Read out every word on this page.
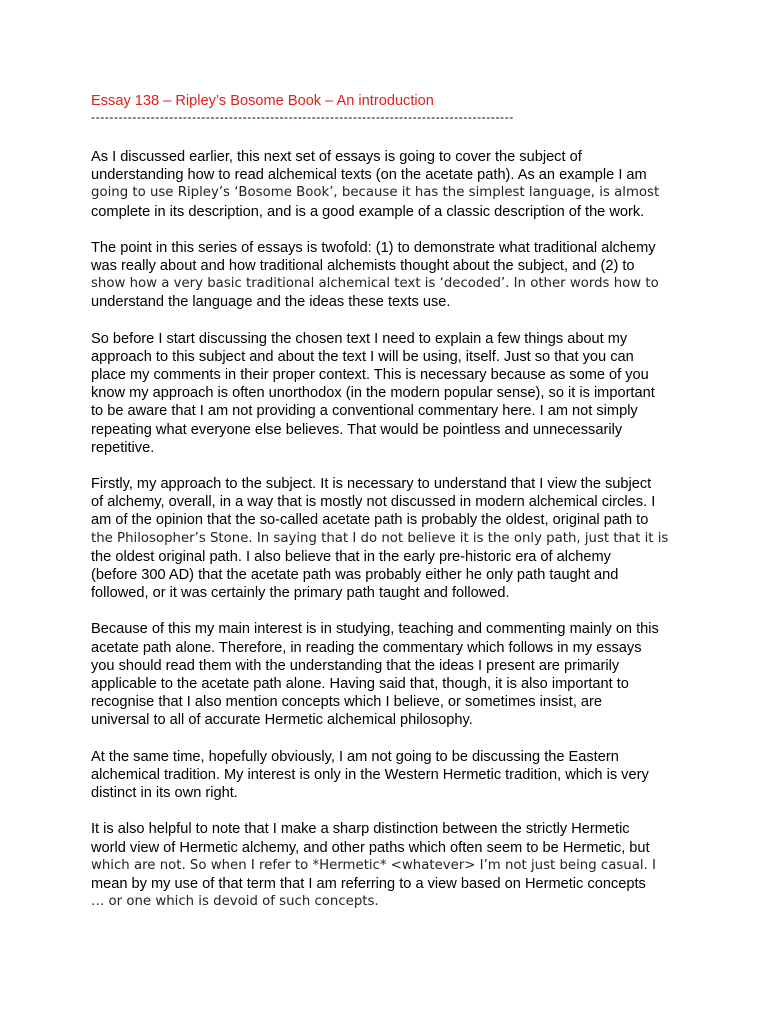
Essay 138 – Ripley’s Bosome Book – An introduction
--------------------------------------------------------------------------------------------
As I discussed earlier, this next set of essays is going to cover the subject of
understanding how to read alchemical texts (on the acetate path). As an example I am
going to use Ripley’s ‘Bosome Book’, because it has the simplest language, is almost
complete in its description, and is a good example of a classic description of the work.
The point in this series of essays is twofold: (1) to demonstrate what traditional alchemy
was really about and how traditional alchemists thought about the subject, and (2) to
show how a very basic traditional alchemical text is ‘decoded’. In other words how to
understand the language and the ideas these texts use.
So before I start discussing the chosen text I need to explain a few things about my
approach to this subject and about the text I will be using, itself. Just so that you can
place my comments in their proper context. This is necessary because as some of you
know my approach is often unorthodox (in the modern popular sense), so it is important
to be aware that I am not providing a conventional commentary here. I am not simply
repeating what everyone else believes. That would be pointless and unnecessarily
repetitive.
Firstly, my approach to the subject. It is necessary to understand that I view the subject
of alchemy, overall, in a way that is mostly not discussed in modern alchemical circles. I
am of the opinion that the so-called acetate path is probably the oldest, original path to
the Philosopher’s Stone. In saying that I do not believe it is the only path, just that it is
the oldest original path. I also believe that in the early pre-historic era of alchemy
(before 300 AD) that the acetate path was probably either he only path taught and
followed, or it was certainly the primary path taught and followed.
Because of this my main interest is in studying, teaching and commenting mainly on this
acetate path alone. Therefore, in reading the commentary which follows in my essays
you should read them with the understanding that the ideas I present are primarily
applicable to the acetate path alone. Having said that, though, it is also important to
recognise that I also mention concepts which I believe, or sometimes insist, are
universal to all of accurate Hermetic alchemical philosophy.
At the same time, hopefully obviously, I am not going to be discussing the Eastern
alchemical tradition. My interest is only in the Western Hermetic tradition, which is very
distinct in its own right.
It is also helpful to note that I make a sharp distinction between the strictly Hermetic
world view of Hermetic alchemy, and other paths which often seem to be Hermetic, but
which are not. So when I refer to *Hermetic* <whatever> I’m not just being casual. I
mean by my use of that term that I am referring to a view based on Hermetic concepts
… or one which is devoid of such concepts.
